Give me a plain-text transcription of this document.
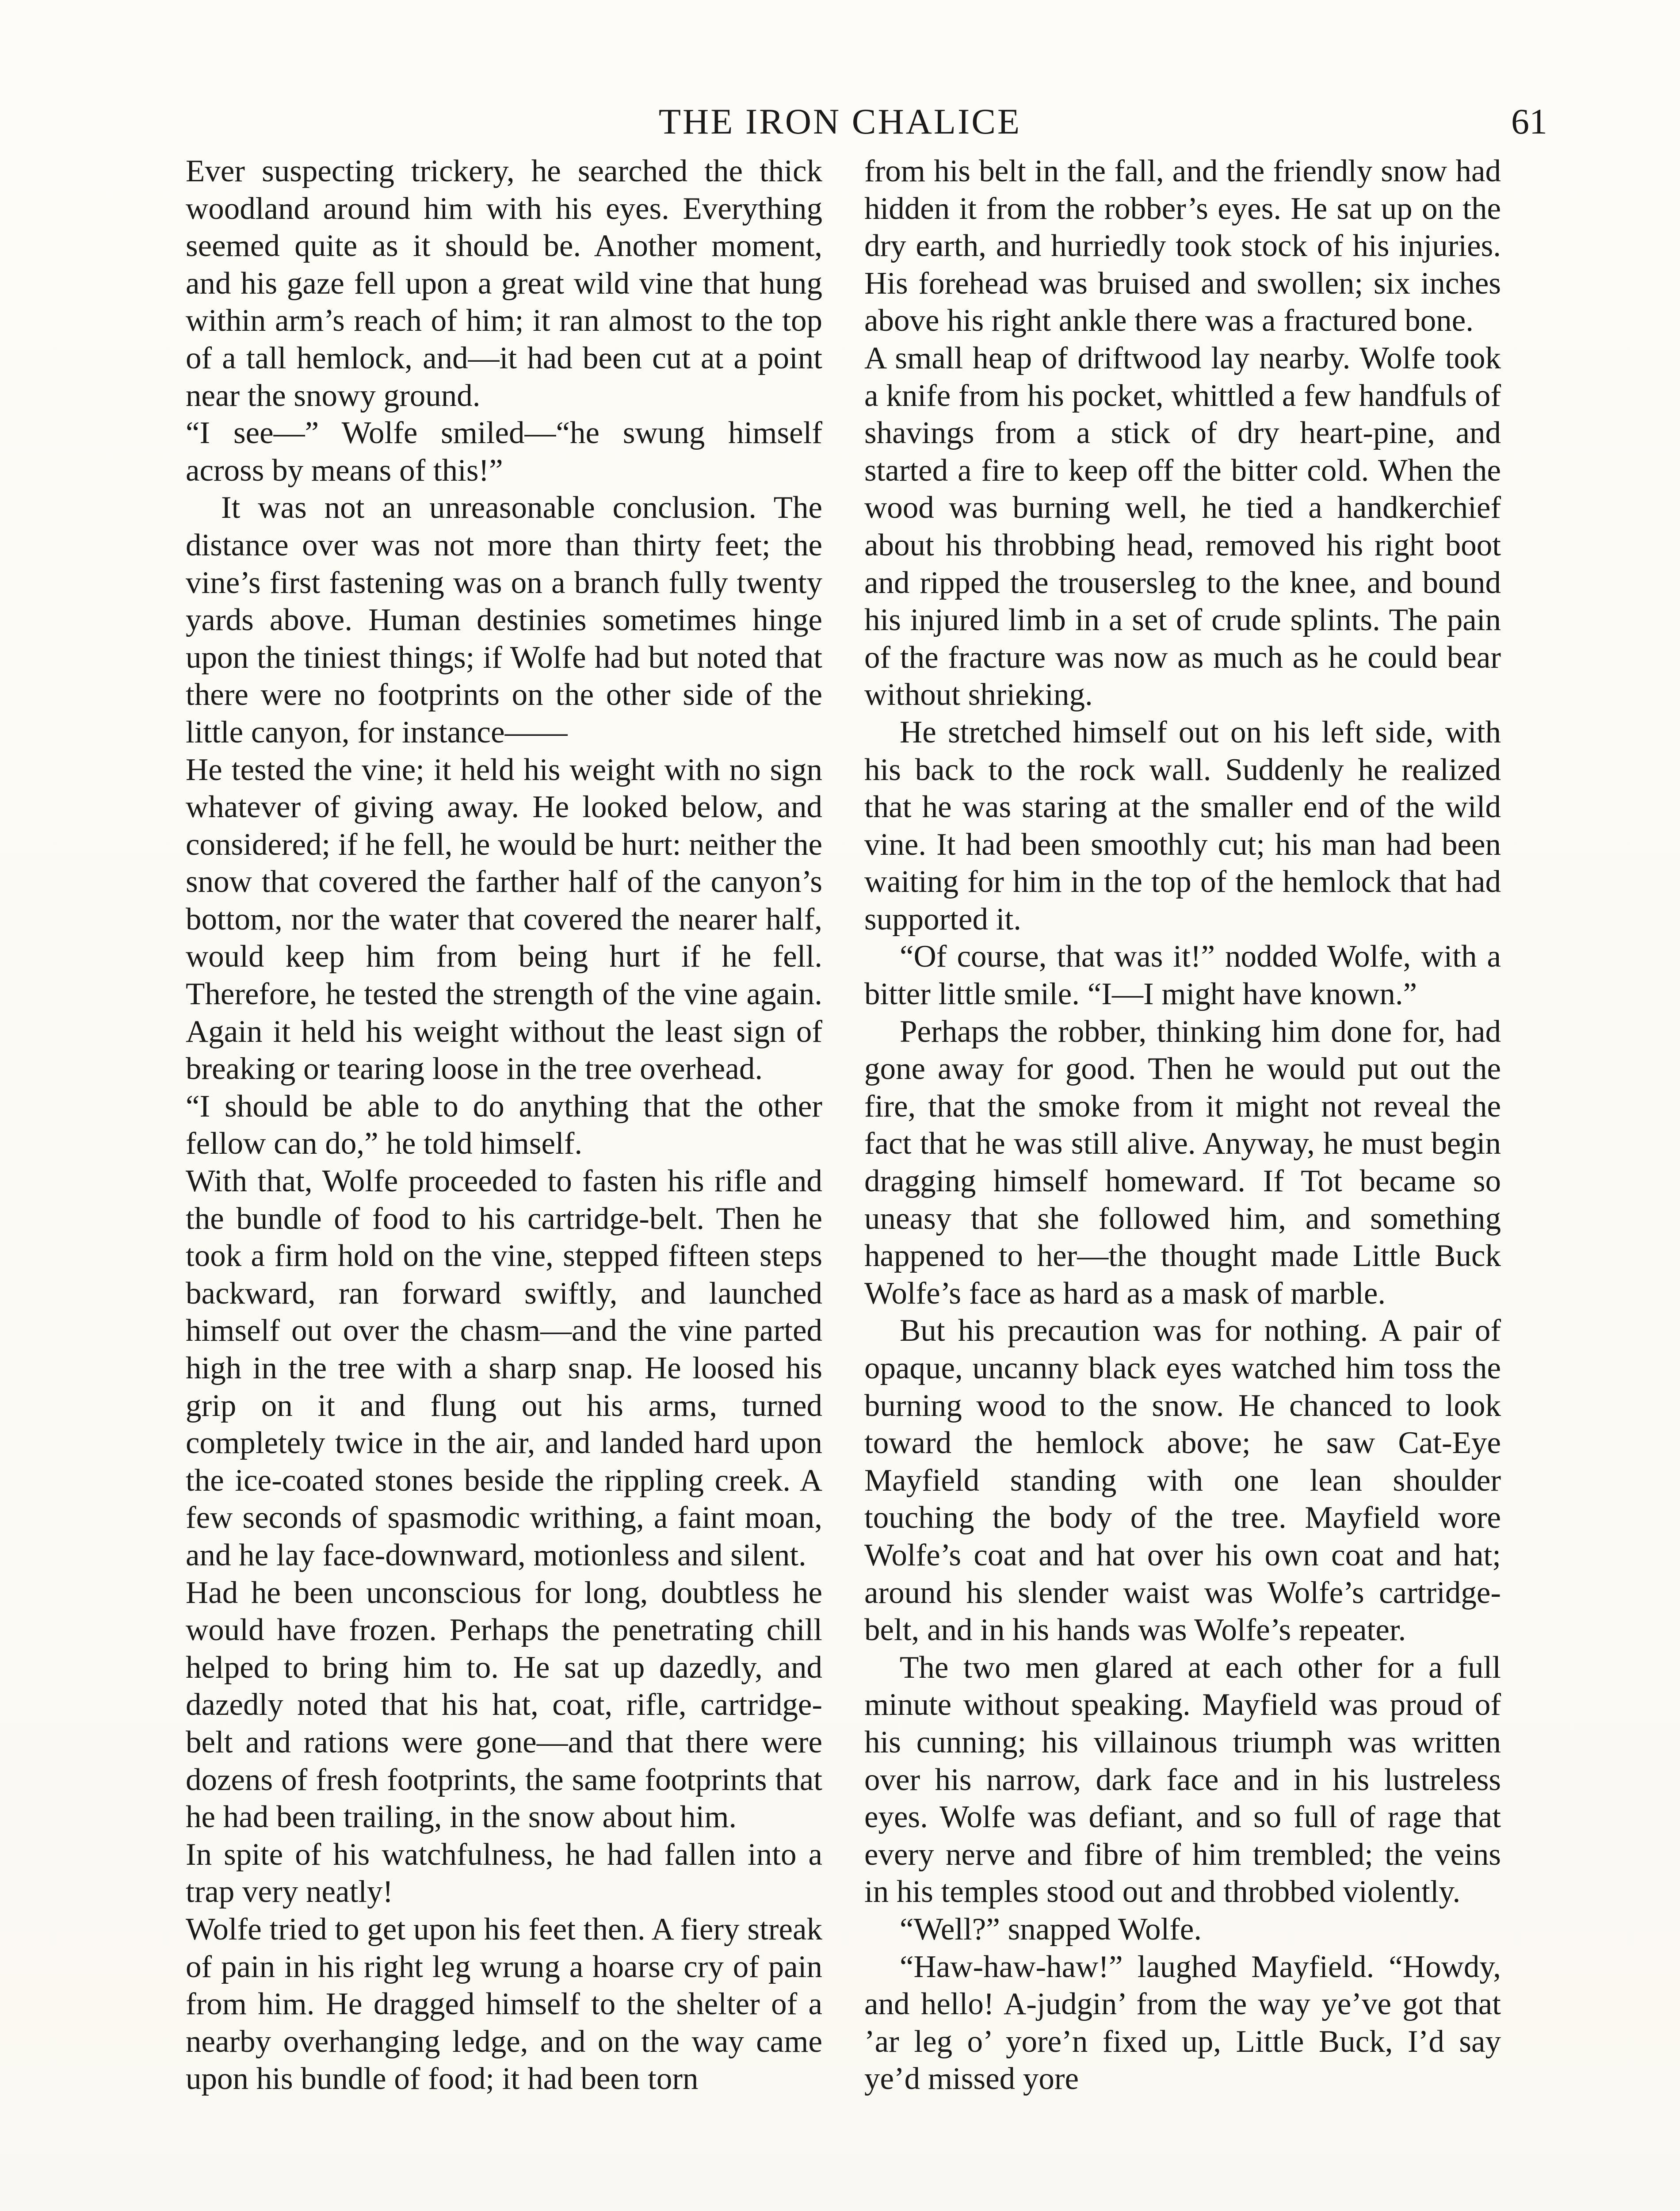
THE IRON CHALICE	61

Ever suspecting trickery, he searched the thick woodland around him with his eyes. Everything seemed quite as it should be. Another moment, and his gaze fell upon a great wild vine that hung within arm’s reach of him; it ran almost to the top of a tall hemlock, and—it had been cut at a point near the snowy ground.

“I see—” Wolfe smiled—“he swung himself across by means of this!”

It was not an unreasonable conclusion. The distance over was not more than thirty feet; the vine’s first fastening was on a branch fully twenty yards above. Human destinies sometimes hinge upon the tiniest things; if Wolfe had but noted that there were no footprints on the other side of the little canyon, for instance——

He tested the vine; it held his weight with no sign whatever of giving away. He looked below, and considered; if he fell, he would be hurt: neither the snow that covered the farther half of the canyon’s bottom, nor the water that covered the nearer half, would keep him from being hurt if he fell. Therefore, he tested the strength of the vine again. Again it held his weight without the least sign of breaking or tearing loose in the tree overhead.

“I should be able to do anything that the other fellow can do,” he told himself.

With that, Wolfe proceeded to fasten his rifle and the bundle of food to his cartridge-belt. Then he took a firm hold on the vine, stepped fifteen steps backward, ran forward swiftly, and launched himself out over the chasm—and the vine parted high in the tree with a sharp snap. He loosed his grip on it and flung out his arms, turned completely twice in the air, and landed hard upon the ice-coated stones beside the rippling creek. A few seconds of spasmodic writhing, a faint moan, and he lay face-downward, motionless and silent.

Had he been unconscious for long, doubtless he would have frozen. Perhaps the penetrating chill helped to bring him to. He sat up dazedly, and dazedly noted that his hat, coat, rifle, cartridge-belt and rations were gone—and that there were dozens of fresh footprints, the same footprints that he had been trailing, in the snow about him.

In spite of his watchfulness, he had fallen into a trap very neatly!

Wolfe tried to get upon his feet then. A fiery streak of pain in his right leg wrung a hoarse cry of pain from him. He dragged himself to the shelter of a nearby overhanging ledge, and on the way came upon his bundle of food; it had been torn

from his belt in the fall, and the friendly snow had hidden it from the robber’s eyes. He sat up on the dry earth, and hurriedly took stock of his injuries. His forehead was bruised and swollen; six inches above his right ankle there was a fractured bone.

A small heap of driftwood lay nearby. Wolfe took a knife from his pocket, whittled a few handfuls of shavings from a stick of dry heart-pine, and started a fire to keep off the bitter cold. When the wood was burning well, he tied a handkerchief about his throbbing head, removed his right boot and ripped the trousersleg to the knee, and bound his injured limb in a set of crude splints. The pain of the fracture was now as much as he could bear without shrieking.

He stretched himself out on his left side, with his back to the rock wall. Suddenly he realized that he was staring at the smaller end of the wild vine. It had been smoothly cut; his man had been waiting for him in the top of the hemlock that had supported it.

“Of course, that was it!” nodded Wolfe, with a bitter little smile. “I—I might have known.”

Perhaps the robber, thinking him done for, had gone away for good. Then he would put out the fire, that the smoke from it might not reveal the fact that he was still alive. Anyway, he must begin dragging himself homeward. If Tot became so uneasy that she followed him, and something happened to her—the thought made Little Buck Wolfe’s face as hard as a mask of marble.

But his precaution was for nothing. A pair of opaque, uncanny black eyes watched him toss the burning wood to the snow. He chanced to look toward the hemlock above; he saw Cat-Eye Mayfield standing with one lean shoulder touching the body of the tree. Mayfield wore Wolfe’s coat and hat over his own coat and hat; around his slender waist was Wolfe’s cartridge-belt, and in his hands was Wolfe’s repeater.

The two men glared at each other for a full minute without speaking. Mayfield was proud of his cunning; his villainous triumph was written over his narrow, dark face and in his lustreless eyes. Wolfe was defiant, and so full of rage that every nerve and fibre of him trembled; the veins in his temples stood out and throbbed violently.

“Well?” snapped Wolfe.

“Haw-haw-haw!” laughed Mayfield. “Howdy, and hello! A-judgin’ from the way ye’ve got that ’ar leg o’ yore’n fixed up, Little Buck, I’d say ye’d missed yore
